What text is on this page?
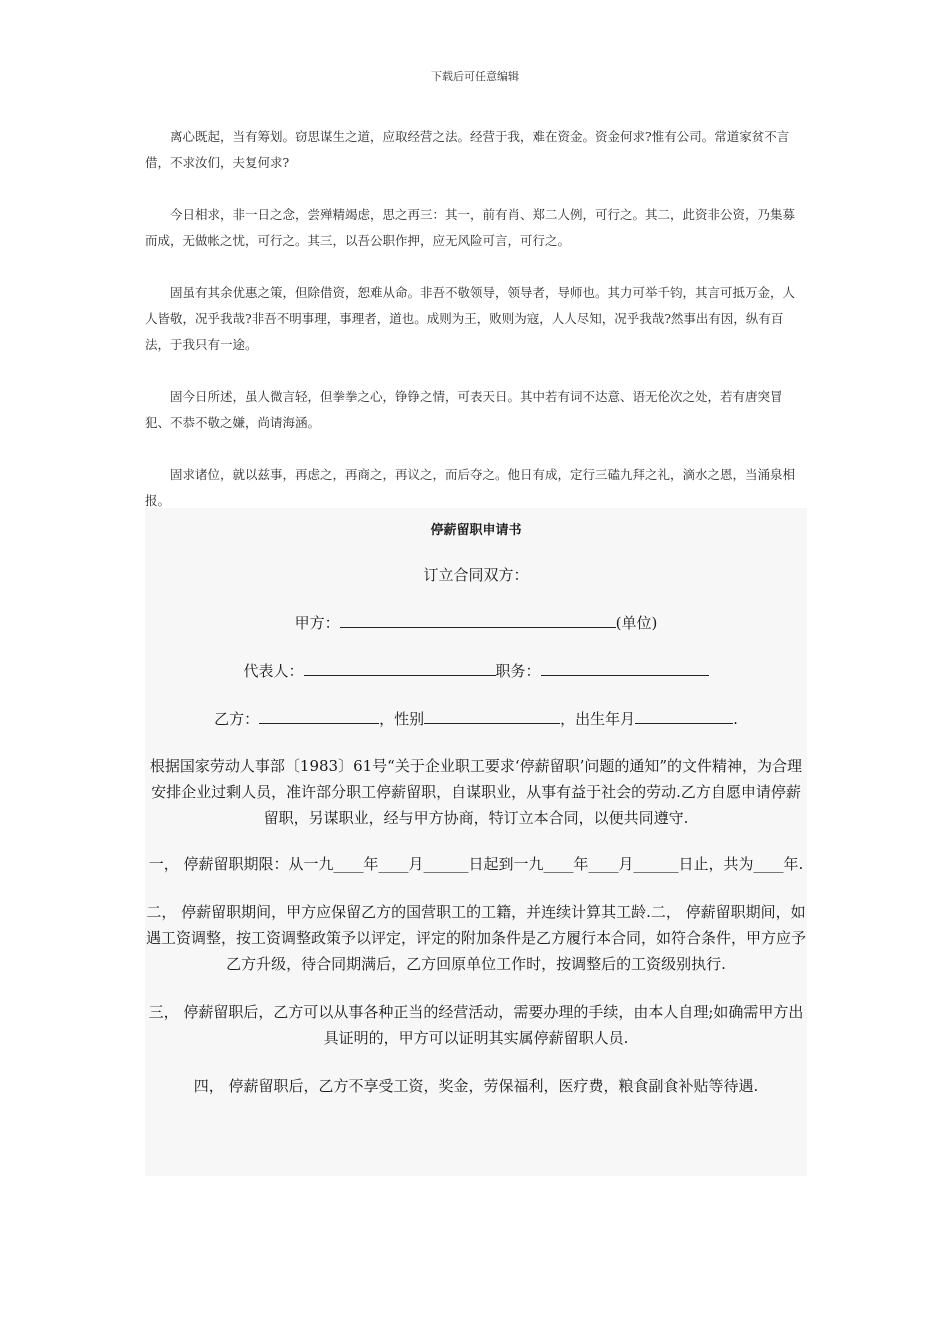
下载后可任意编辑

离心既起，当有筹划。窃思谋生之道，应取经营之法。经营于我，难在资金。资金何求?惟有公司。常道家贫不言借，不求汝们，夫复何求?

今日相求，非一日之念，尝殚精竭虑，思之再三：其一，前有肖、郑二人例，可行之。其二，此资非公资，乃集募而成，无做帐之忧，可行之。其三，以吾公职作押，应无风险可言，可行之。

固虽有其余优惠之策，但除借资，恕难从命。非吾不敬领导，领导者，导师也。其力可举千钧，其言可抵万金，人人皆敬，况乎我哉?非吾不明事理，事理者，道也。成则为王，败则为寇，人人尽知，况乎我哉?然事出有因，纵有百法，于我只有一途。

固今日所述，虽人微言轻，但拳拳之心，铮铮之情，可表天日。其中若有词不达意、语无伦次之处，若有唐突冒犯、不恭不敬之嫌，尚请海涵。

固求诸位，就以兹事，再虑之，再商之，再议之，而后夺之。他日有成，定行三磕九拜之礼，滴水之恩，当涌泉相报。

停薪留职申请书

订立合同双方：

甲方：	(单位)

代表人：	职务：

乙方：	，性别	，出生年月	.

根据国家劳动人事部〔1983〕61号“关于企业职工要求‘停薪留职’问题的通知”的文件精神，为合理安排企业过剩人员，准许部分职工停薪留职，自谋职业，从事有益于社会的劳动.乙方自愿申请停薪留职，另谋职业，经与甲方协商，特订立本合同，以便共同遵守.

一， 停薪留职期限：从一九____年____月______日起到一九____年____月______日止，共为____年.

二， 停薪留职期间，甲方应保留乙方的国营职工的工籍，并连续计算其工龄.二， 停薪留职期间，如遇工资调整，按工资调整政策予以评定，评定的附加条件是乙方履行本合同，如符合条件，甲方应予乙方升级，待合同期满后，乙方回原单位工作时，按调整后的工资级别执行.

三， 停薪留职后，乙方可以从事各种正当的经营活动，需要办理的手续，由本人自理;如确需甲方出具证明的，甲方可以证明其实属停薪留职人员.

四， 停薪留职后，乙方不享受工资，奖金，劳保福利，医疗费，粮食副食补贴等待遇.
